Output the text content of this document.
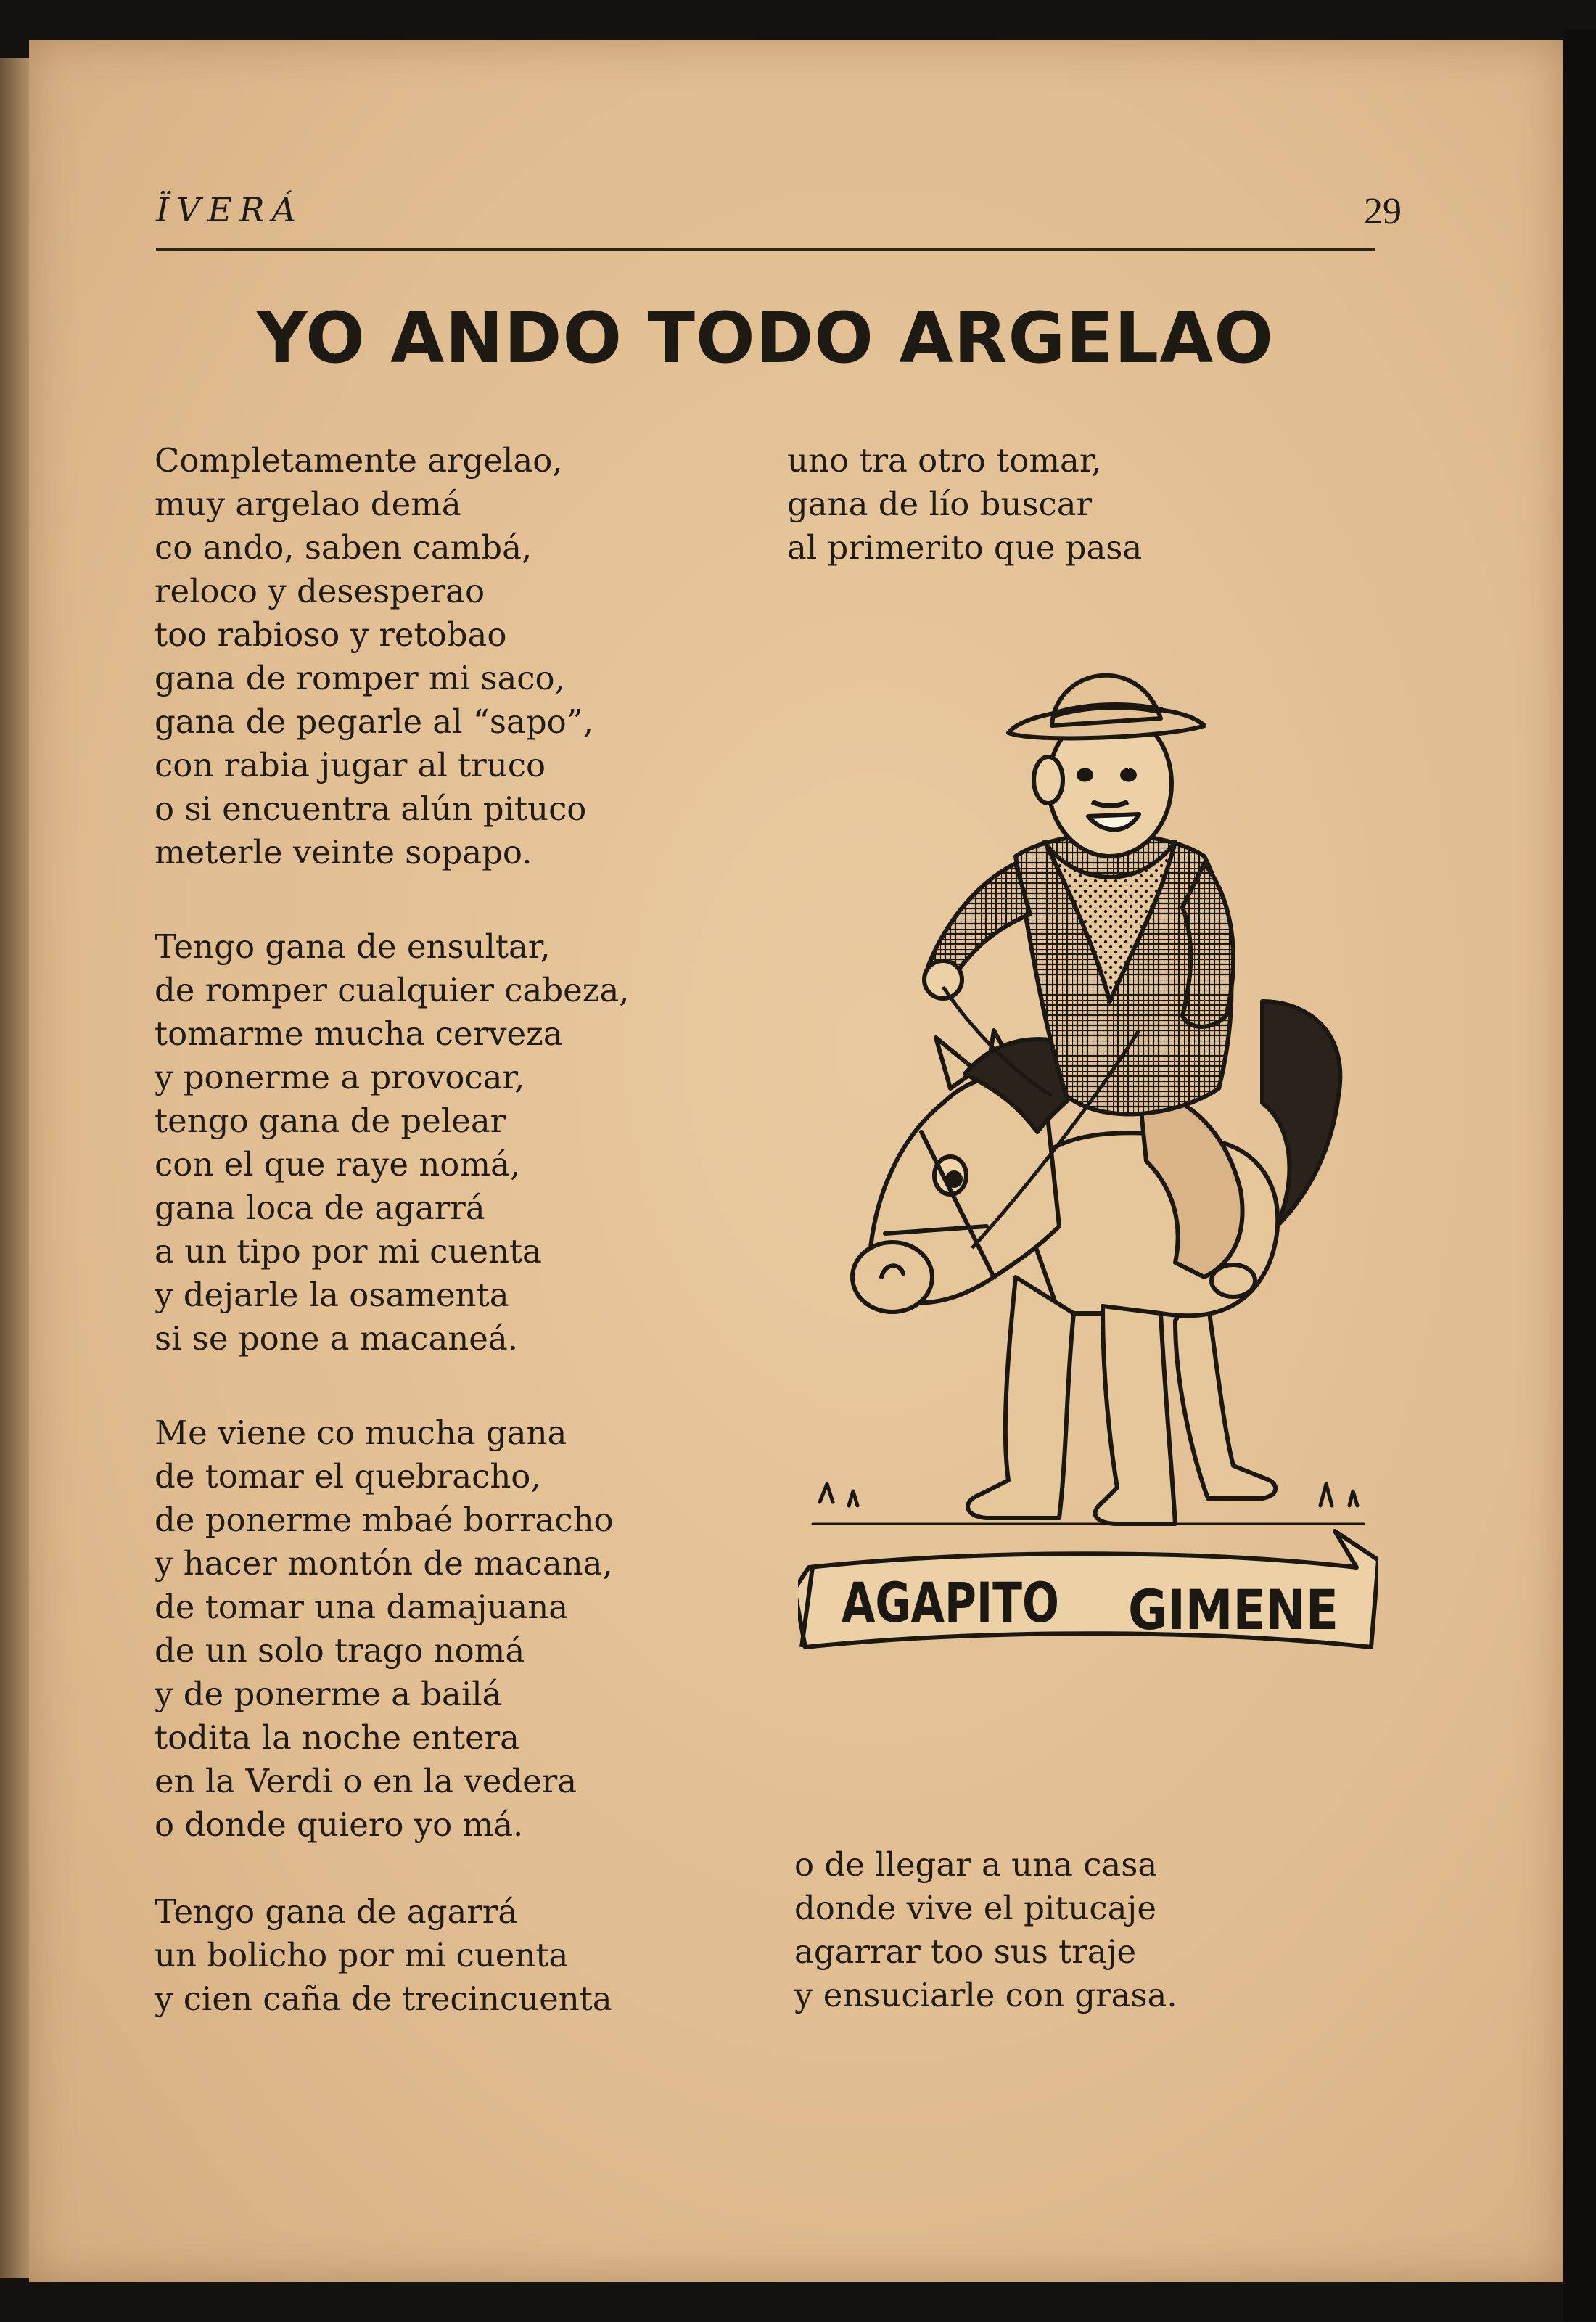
ÏVERÁ	29
YO ANDO TODO ARGELAO
Completamente argelao,
muy argelao demá
co ando, saben cambá,
reloco y desesperao
too rabioso y retobao
gana de romper mi saco,
gana de pegarle al “sapo”,
con rabia jugar al truco
o si encuentra alún pituco
meterle veinte sopapo.
Tengo gana de ensultar,
de romper cualquier cabeza,
tomarme mucha cerveza
y ponerme a provocar,
tengo gana de pelear
con el que raye nomá,
gana loca de agarrá
a un tipo por mi cuenta
y dejarle la osamenta
si se pone a macaneá.
Me viene co mucha gana
de tomar el quebracho,
de ponerme mbaé borracho
y hacer montón de macana,
de tomar una damajuana
de un solo trago nomá
y de ponerme a bailá
todita la noche entera
en la Verdi o en la vedera
o donde quiero yo má.
Tengo gana de agarrá
un bolicho por mi cuenta
y cien caña de trecincuenta
uno tra otro tomar,
gana de lío buscar
al primerito que pasa
o de llegar a una casa
donde vive el pitucaje
agarrar too sus traje
y ensuciarle con grasa.
AGAPITO GIMENE
